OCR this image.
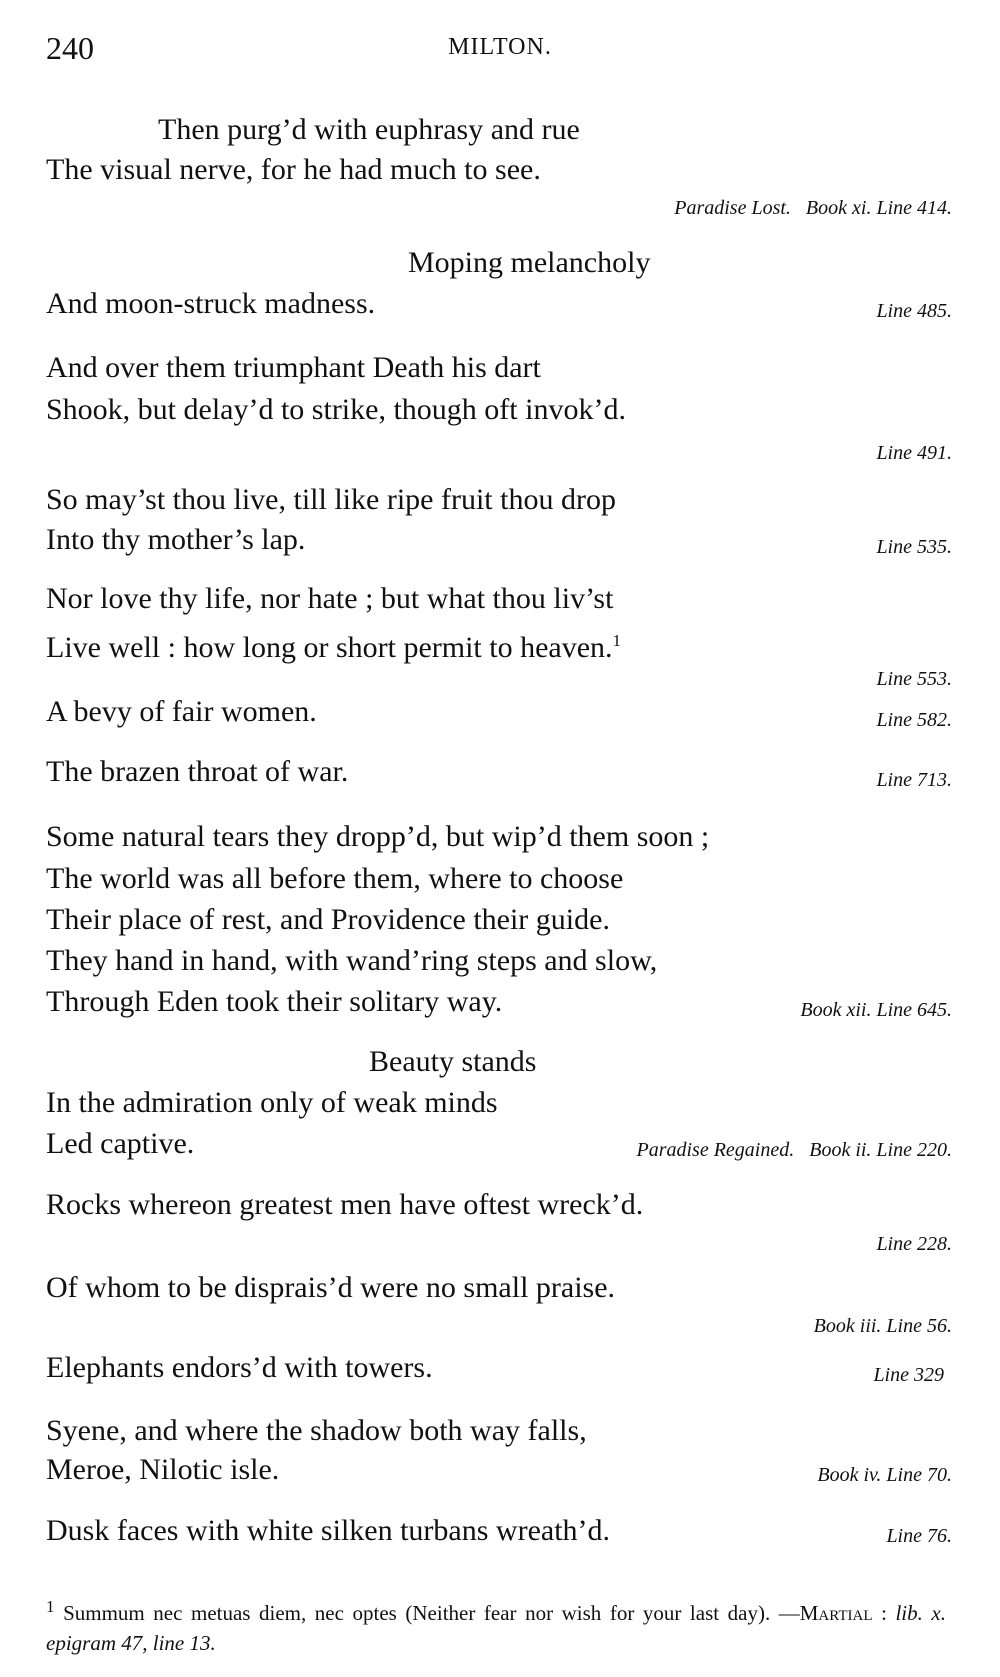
240	MILTON.
Then purg’d with euphrasy and rue
The visual nerve, for he had much to see.
Moping melancholy
And moon-struck madness.
And over them triumphant Death his dart
Shook, but delay’d to strike, though oft invok’d.
So may’st thou live, till like ripe fruit thou drop
Into thy mother’s lap.
Nor love thy life, nor hate ; but what thou liv’st
Live well : how long or short permit to heaven.$^1$
A bevy of fair women.
The brazen throat of war.
Some natural tears they dropp’d, but wip’d them soon ;
The world was all before them, where to choose
Their place of rest, and Providence their guide.
They hand in hand, with wand’ring steps and slow,
Through Eden took their solitary way.
Beauty stands
In the admiration only of weak minds
Led captive.
Rocks whereon greatest men have oftest wreck’d.
Of whom to be disprais’d were no small praise.
Elephants endors’d with towers.
Syene, and where the shadow both way falls,
Meroe, Nilotic isle.
Dusk faces with white silken turbans wreath’d.
Paradise Lost.   Book xi. Line 414.
Line 485.
Line 491.
Line 535.
Line 553.
Line 582.
Line 713.
Book xii. Line 645.
Paradise Regained.   Book ii. Line 220.
Line 228.
Book iii. Line 56.
Line 329
Book iv. Line 70.
Line 76.
$^1$ Summum nec metuas diem, nec optes (Neither fear nor wish for your last day). —Martial : lib. x. epigram 47, line 13.
